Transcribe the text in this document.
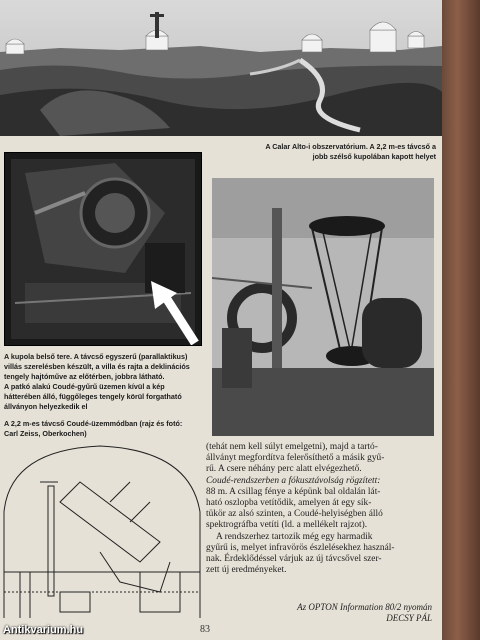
A Calar Alto-i obszervatórium. A 2,2 m-es távcső a

jobb szélső kupolában kapott helyet

A kupola belső tere. A távcső egyszerű (parallaktikus)

villás szerelésben készült, a villa és rajta a deklinációs

tengely hajtóműve az előtérben, jobbra látható.

A patkó alakú Coudé-gyűrű üzemen kívül a kép

hátterében álló, függőleges tengely körül forgatható

állványon helyezkedik el

A 2,2 m-es távcső Coudé-üzemmódban (rajz és fotó:

Carl Zeiss, Oberkochen)

(tehát nem kell súlyt emelgetni), majd a tartó-

állványt megfordítva felerősíthető a másik gyű-

rű. A csere néhány perc alatt elvégezhető.

Coudé-rendszerben a fókusztávolság rögzített:

88 m. A csillag fénye a képünk bal oldalán lát-

ható oszlopba vetítődik, amelyen át egy sík-

tükör az alsó szinten, a Coudé-helyiségben álló

spektrográfba vetíti (ld. a mellékelt rajzot).

A rendszerhez tartozik még egy harmadik

gyűrű is, melyet infravörös észlelésekhez használ-

nak. Érdeklődéssel várjuk az új távcsővel szer-

zett új eredményeket.

Az OPTON Information 80/2 nyomán
DECSY PÁL
83
Antikvarium.hu
